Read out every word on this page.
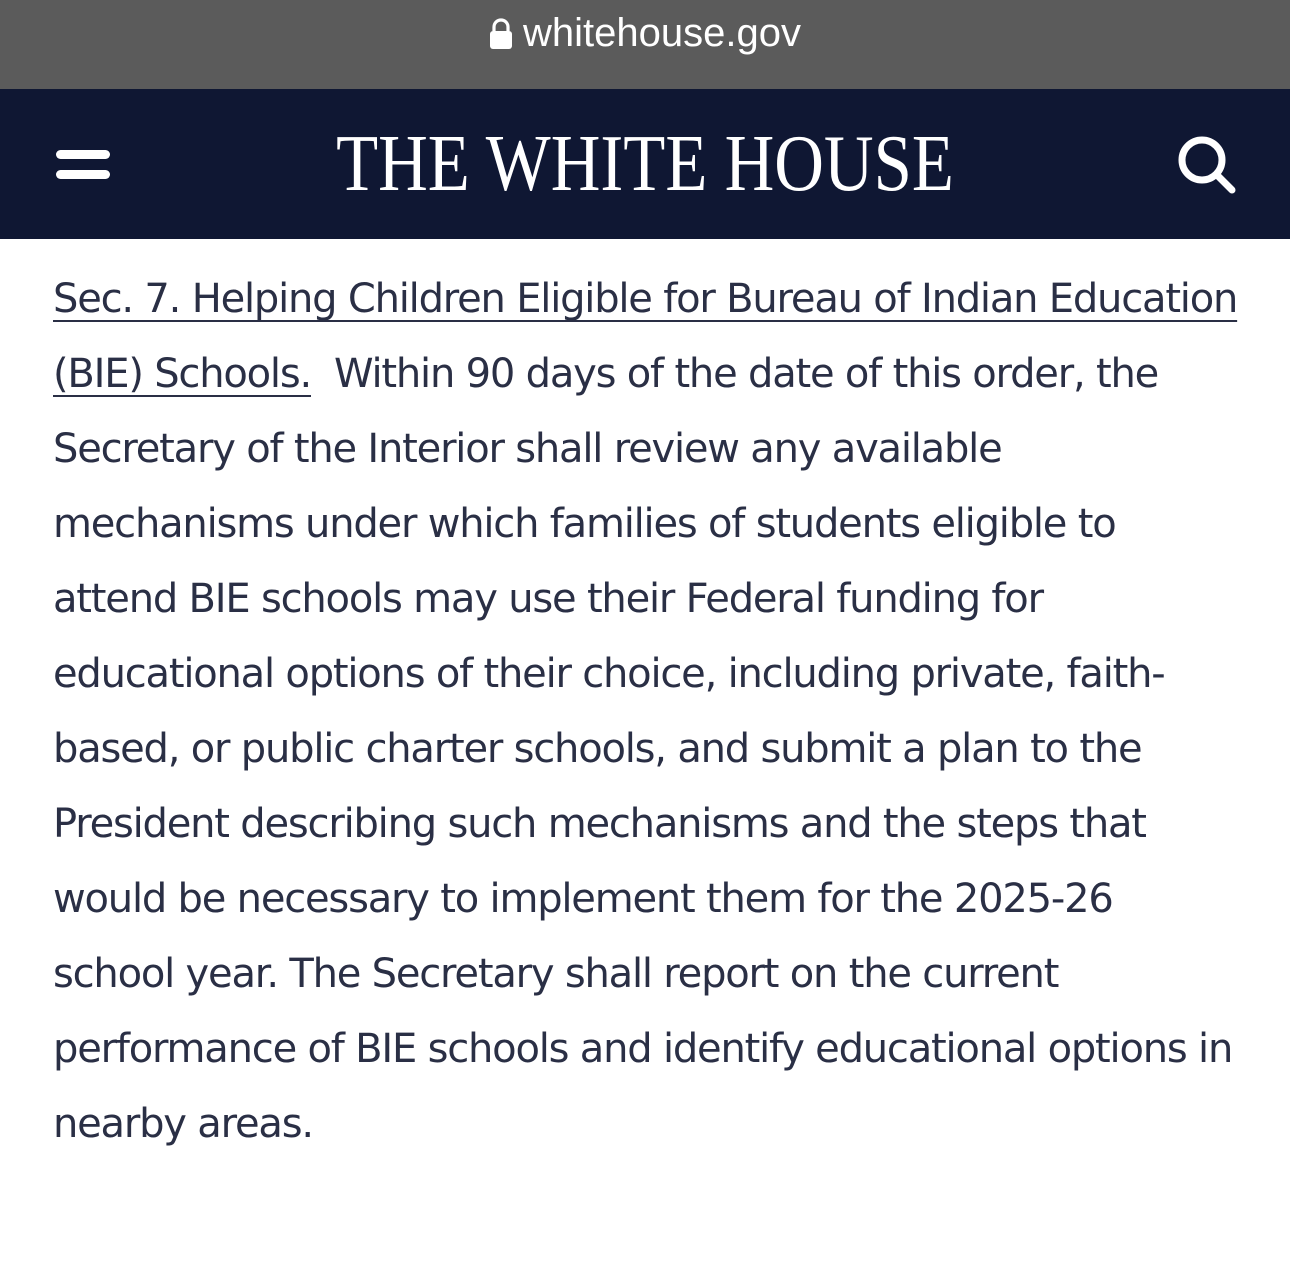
whitehouse.gov
THE WHITE HOUSE

Sec. 7. Helping Children Eligible for Bureau of Indian Education (BIE) Schools. Within 90 days of the date of this order, the Secretary of the Interior shall review any available mechanisms under which families of students eligible to attend BIE schools may use their Federal funding for educational options of their choice, including private, faith-based, or public charter schools, and submit a plan to the President describing such mechanisms and the steps that would be necessary to implement them for the 2025-26 school year. The Secretary shall report on the current performance of BIE schools and identify educational options in nearby areas.
